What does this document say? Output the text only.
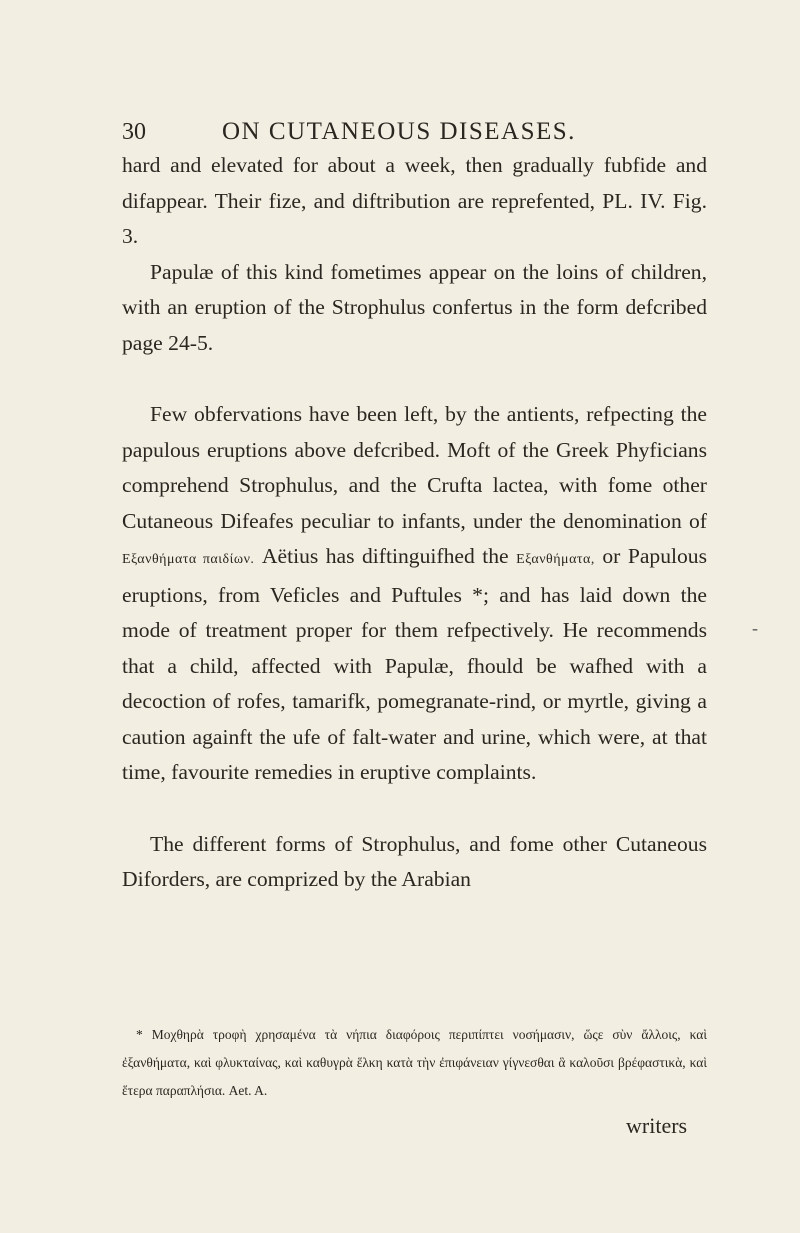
30	ON CUTANEOUS DISEASES.

hard and elevated for about a week, then gradually fubfide and difappear. Their fize, and diftribution are reprefented, PL. IV. Fig. 3.

Papulæ of this kind fometimes appear on the loins of children, with an eruption of the Strophulus confertus in the form defcribed page 24-5.

Few obfervations have been left, by the antients, refpecting the papulous eruptions above defcribed. Moft of the Greek Phyficians comprehend Strophulus, and the Crufta lactea, with fome other Cutaneous Difeafes peculiar to infants, under the denomination of Εξανθήματα παιδίων. Aëtius has diftinguifhed the Εξανθήματα, or Papulous eruptions, from Veficles and Puftules *; and has laid down the mode of treatment proper for them refpectively. He recommends that a child, affected with Papulæ, fhould be wafhed with a decoction of rofes, tamarifk, pomegranate-rind, or myrtle, giving a caution againft the ufe of falt-water and urine, which were, at that time, favourite remedies in eruptive complaints.

The different forms of Strophulus, and fome other Cutaneous Diforders, are comprized by the Arabian

* Μοχθηρὰ τροφὴ χρησαμένα τὰ νήπια διαφόροις περιπίπτει νοσήμασιν, ὥςε σὺν ἄλλοις, καὶ ἐξανθήματα, καὶ φλυκταίνας, καὶ καθυγρὰ ἕλκη κατὰ τὴν ἐπιφάνειαν γίγνεσθαι ἃ καλοῦσι βρέφαστικὰ, καὶ ἕτερα παραπλήσια. Aet. A.
writers
-
